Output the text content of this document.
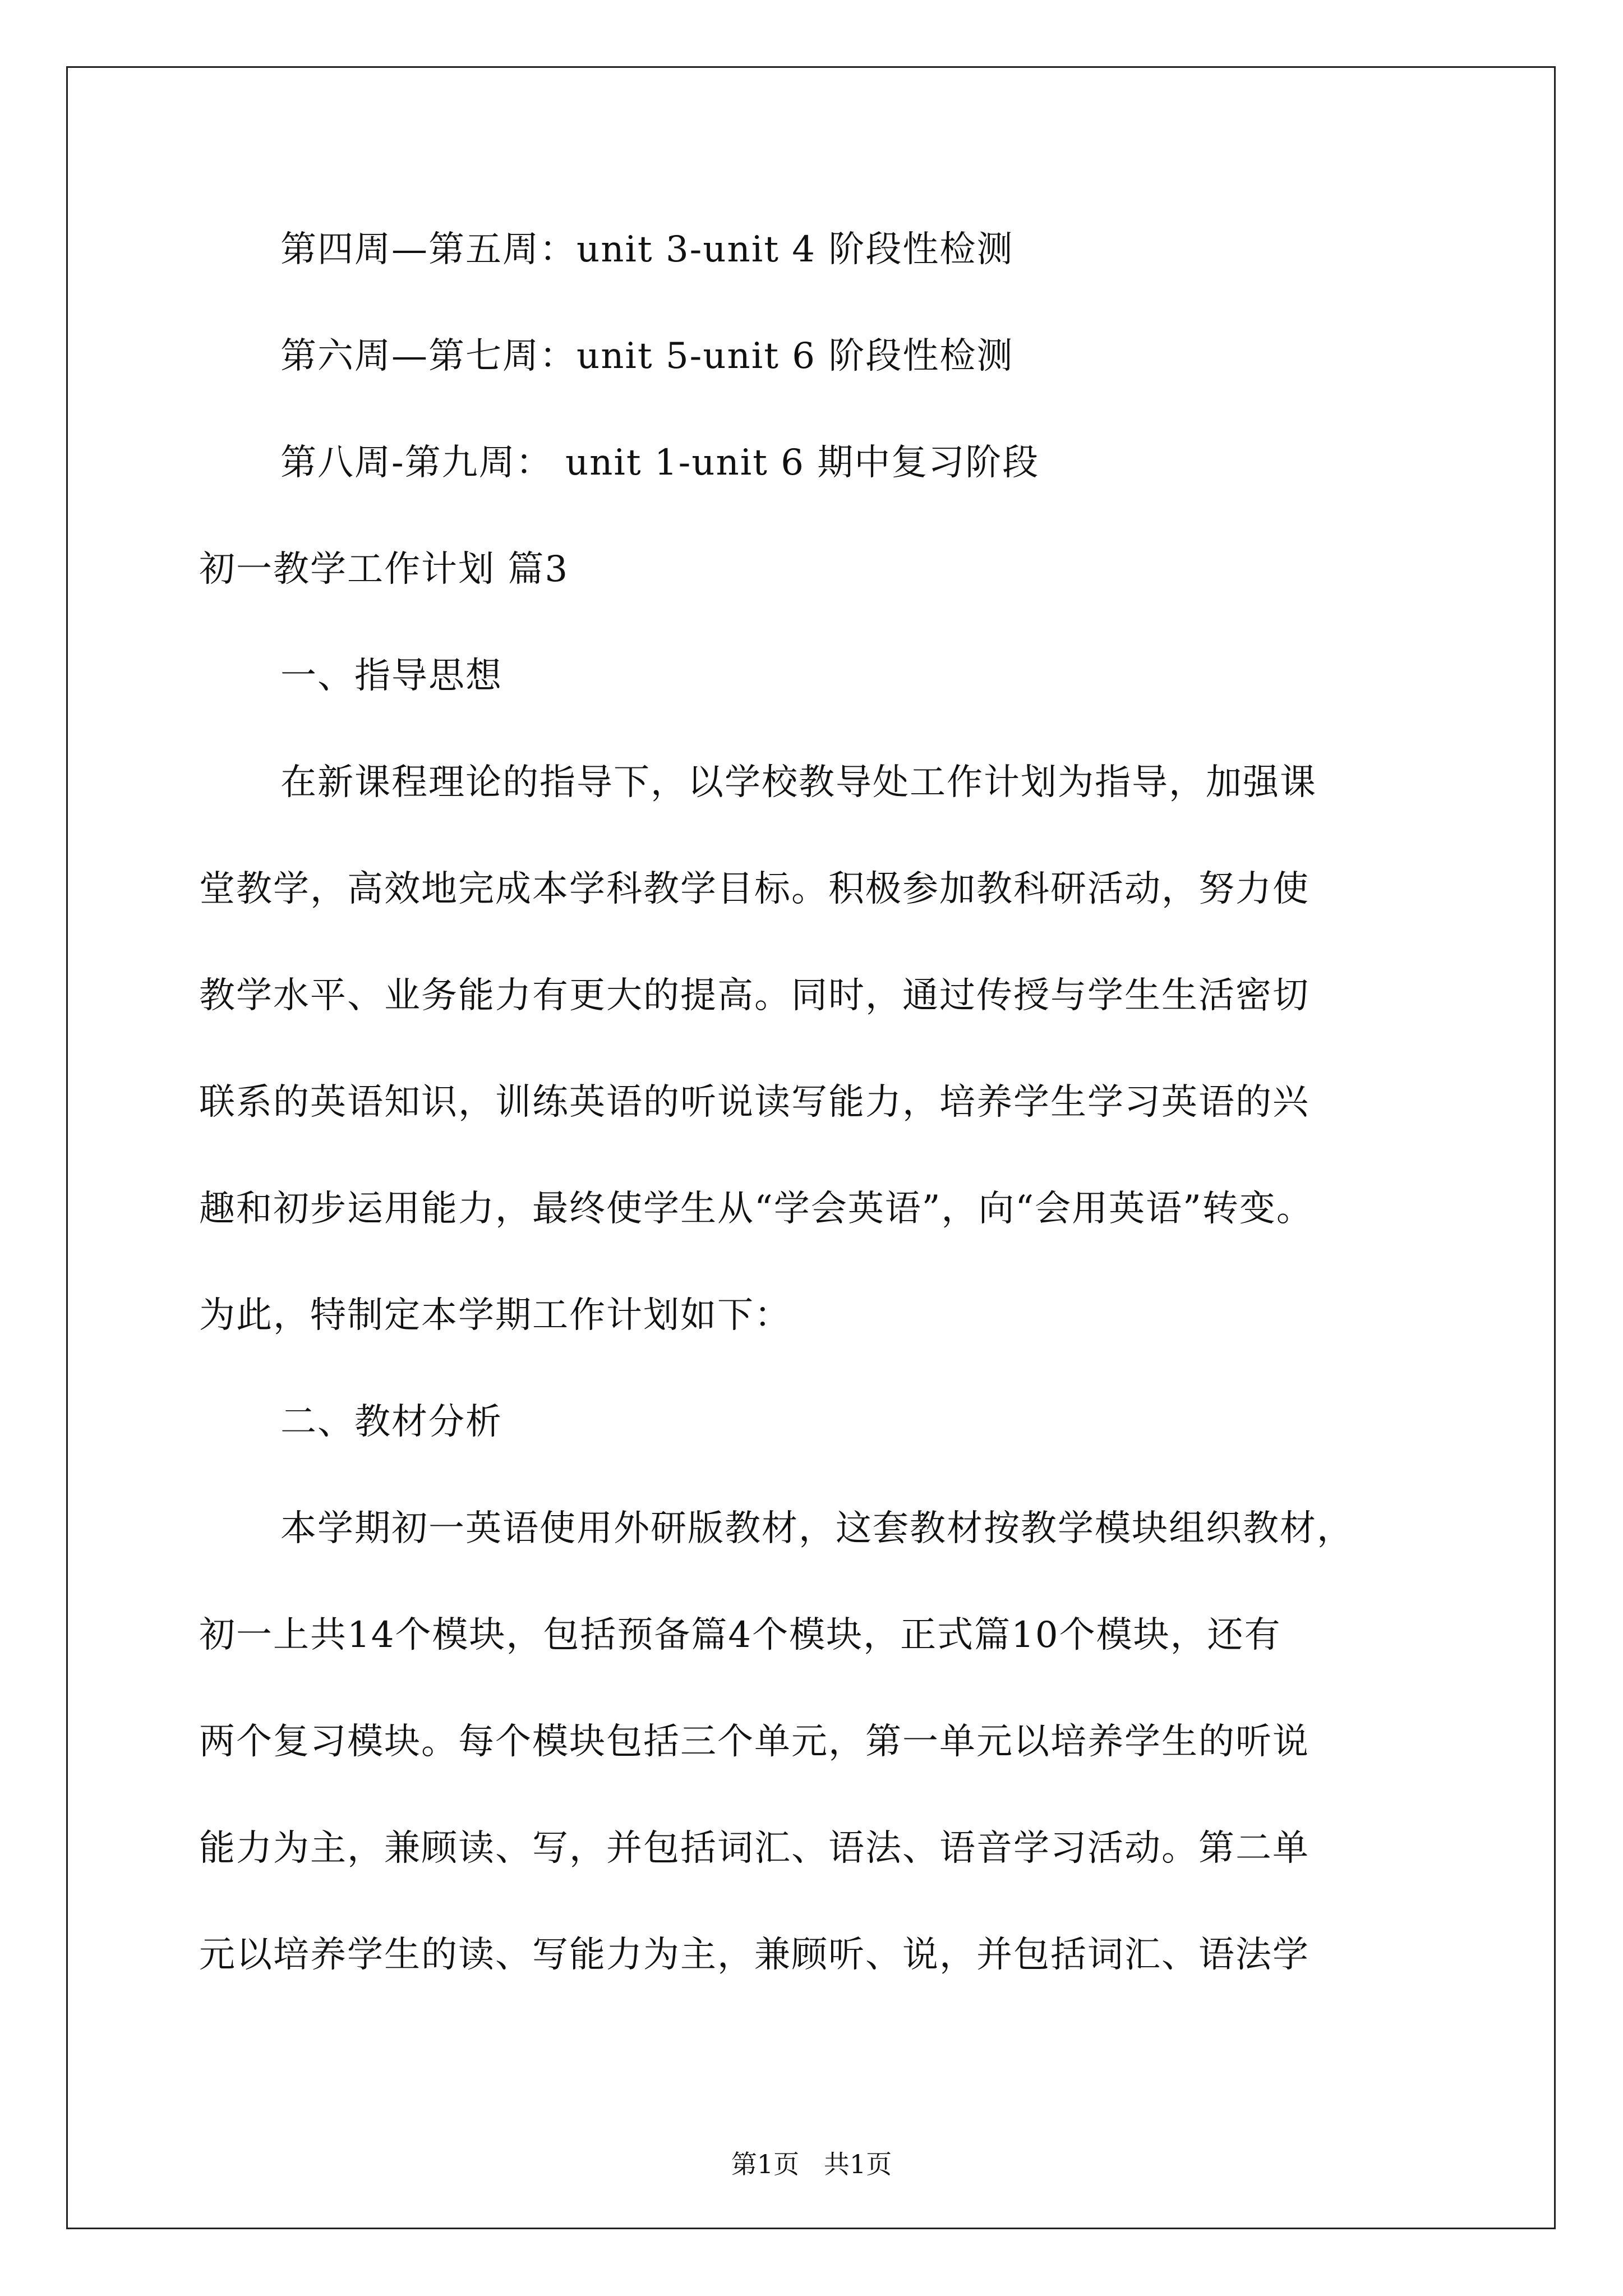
第四周—第五周：unit 3-unit 4 阶段性检测
第六周—第七周：unit 5-unit 6 阶段性检测
第八周-第九周： unit 1-unit 6 期中复习阶段
初一教学工作计划 篇3
一、指导思想
在新课程理论的指导下，以学校教导处工作计划为指导，加强课
堂教学，高效地完成本学科教学目标。积极参加教科研活动，努力使
教学水平、业务能力有更大的提高。同时，通过传授与学生生活密切
联系的英语知识，训练英语的听说读写能力，培养学生学习英语的兴
趣和初步运用能力，最终使学生从“学会英语”，向“会用英语”转变。
为此，特制定本学期工作计划如下：
二、教材分析
本学期初一英语使用外研版教材，这套教材按教学模块组织教材，
初一上共14个模块，包括预备篇4个模块，正式篇10个模块，还有
两个复习模块。每个模块包括三个单元，第一单元以培养学生的听说
能力为主，兼顾读、写，并包括词汇、语法、语音学习活动。第二单
元以培养学生的读、写能力为主，兼顾听、说，并包括词汇、语法学
第1页   共1页
